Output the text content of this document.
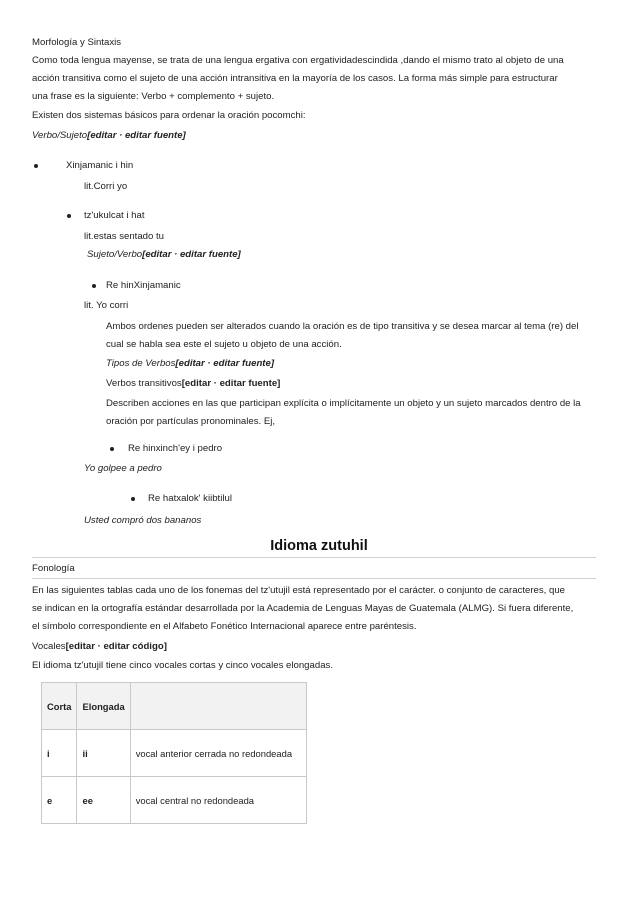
Morfología y Sintaxis
Como toda lengua mayense, se trata de una lengua ergativa con ergatividadescindida ,dando el mismo trato al objeto de una
acción transitiva como el sujeto de una acción intransitiva en la mayoría de los casos. La forma más simple para estructurar
una frase es la siguiente: Verbo + complemento + sujeto.
Existen dos sistemas básicos para ordenar la oración pocomchi:
Verbo/Sujeto[editar · editar fuente]
Xinjamanic i hin
lit.Corri yo
tz'ukulcat i hat
lit.estas sentado tu
Sujeto/Verbo[editar · editar fuente]
Re hinXinjamanic
lit. Yo corri
Ambos ordenes pueden ser alterados cuando la oración es de tipo transitiva y se desea marcar al tema (re) del
cual se habla sea este el sujeto u objeto de una acción.
Tipos de Verbos[editar · editar fuente]
Verbos transitivos[editar · editar fuente]
Describen acciones en las que participan explícita o implícitamente un objeto y un sujeto marcados dentro de la
oración por partículas pronominales. Ej,
Re hinxinch'ey i pedro
Yo golpee a pedro
Re hatxalok' kiibtilul
Usted compró dos bananos
Idioma zutuhil
Fonología
En las siguientes tablas cada uno de los fonemas del tz'utujil está representado por el carácter. o conjunto de caracteres, que
se indican en la ortografía estándar desarrollada por la Academia de Lenguas Mayas de Guatemala (ALMG). Si fuera diferente,
el símbolo correspondiente en el Alfabeto Fonético Internacional aparece entre paréntesis.
Vocales[editar · editar código]
El idioma tz'utujil tiene cinco vocales cortas y cinco vocales elongadas.
Corta	Elongada	
i	ii	vocal anterior cerrada no redondeada
e	ee	vocal central no redondeada
